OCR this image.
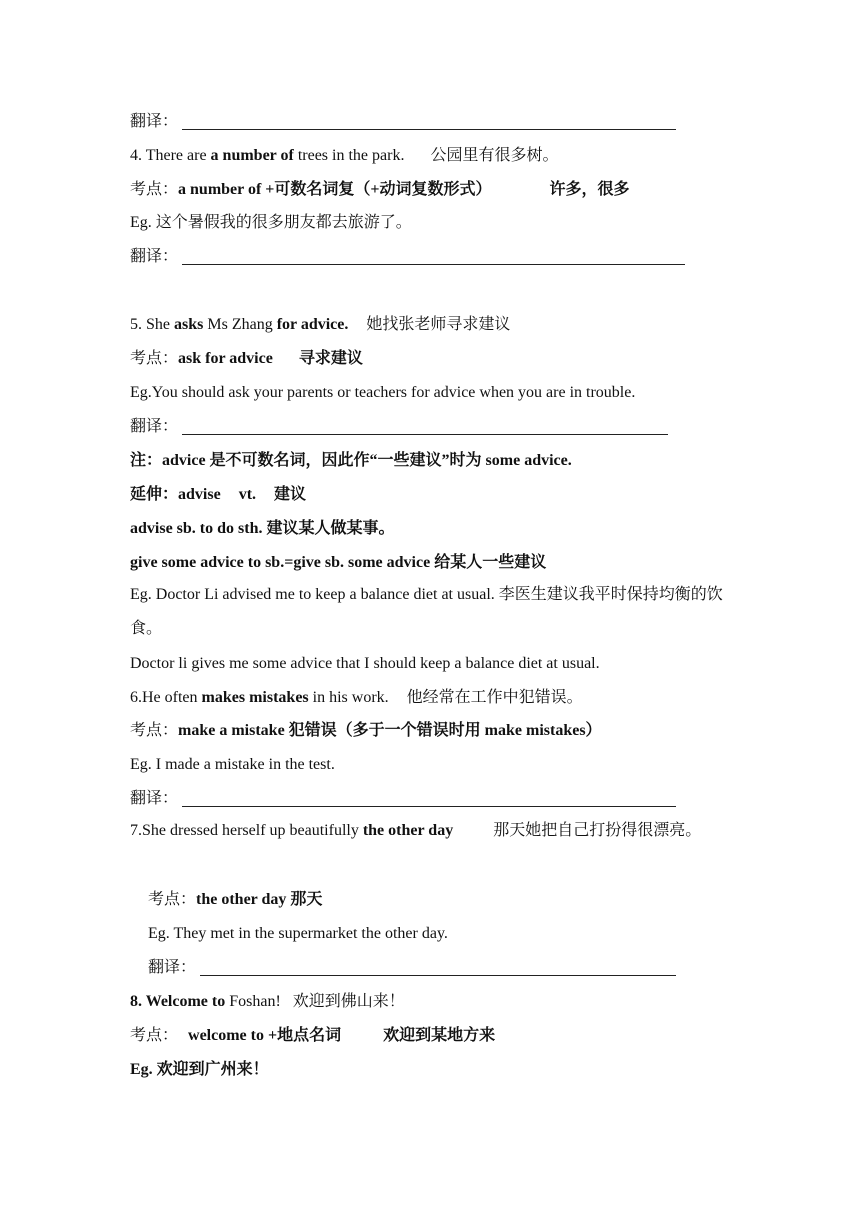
翻译：
4. There are a number of trees in the park. 公园里有很多树。
考点：a number of +可数名词复（+动词复数形式）	许多，很多
Eg. 这个暑假我的很多朋友都去旅游了。
翻译：
5. She asks Ms Zhang for advice. 她找张老师寻求建议
考点：ask for advice 寻求建议
Eg.You should ask your parents or teachers for advice when you are in trouble.
翻译：
注：advice 是不可数名词，因此作“一些建议”时为 some advice.
延伸：advise vt. 建议
advise sb. to do sth. 建议某人做某事。
give some advice to sb.=give sb. some advice 给某人一些建议
Eg. Doctor Li advised me to keep a balance diet at usual. 李医生建议我平时保持均衡的饮食。
Doctor li gives me some advice that I should keep a balance diet at usual.
6.He often makes mistakes in his work. 他经常在工作中犯错误。
考点：make a mistake 犯错误（多于一个错误时用 make mistakes）
Eg. I made a mistake in the test.
翻译：
7.She dressed herself up beautifully the other day	那天她把自己打扮得很漂亮。
考点：the other day 那天
Eg. They met in the supermarket the other day.
翻译：
8. Welcome to Foshan! 欢迎到佛山来！
考点： welcome to +地点名词	欢迎到某地方来
Eg. 欢迎到广州来！
